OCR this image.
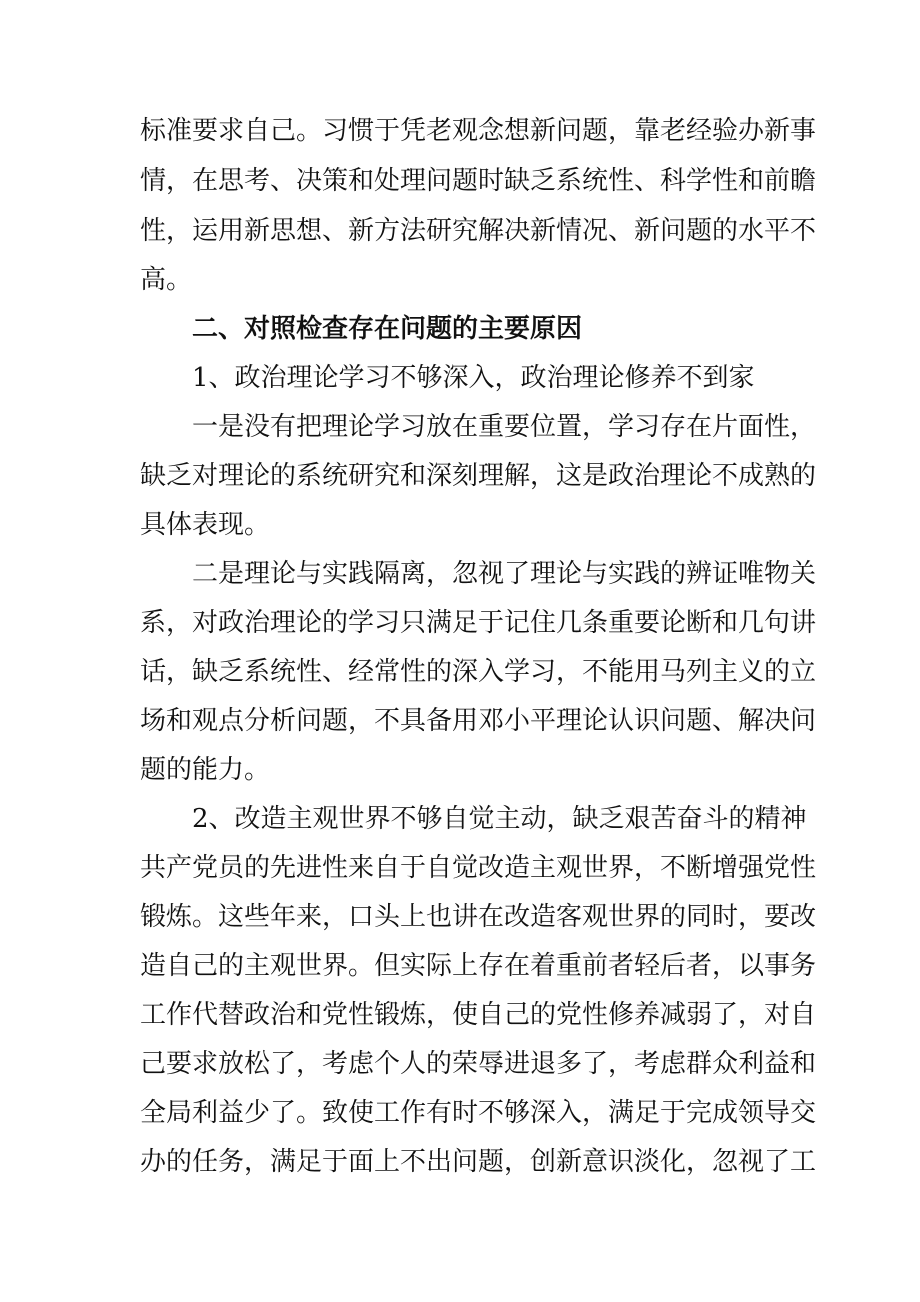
标准要求自己。习惯于凭老观念想新问题，靠老经验办新事
情，在思考、决策和处理问题时缺乏系统性、科学性和前瞻
性，运用新思想、新方法研究解决新情况、新问题的水平不
高。
二、对照检查存在问题的主要原因
1、政治理论学习不够深入，政治理论修养不到家
一是没有把理论学习放在重要位置，学习存在片面性，
缺乏对理论的系统研究和深刻理解，这是政治理论不成熟的
具体表现。
二是理论与实践隔离，忽视了理论与实践的辨证唯物关
系，对政治理论的学习只满足于记住几条重要论断和几句讲
话，缺乏系统性、经常性的深入学习，不能用马列主义的立
场和观点分析问题，不具备用邓小平理论认识问题、解决问
题的能力。
2、改造主观世界不够自觉主动，缺乏艰苦奋斗的精神
共产党员的先进性来自于自觉改造主观世界，不断增强党性
锻炼。这些年来，口头上也讲在改造客观世界的同时，要改
造自己的主观世界。但实际上存在着重前者轻后者，以事务
工作代替政治和党性锻炼，使自己的党性修养减弱了，对自
己要求放松了，考虑个人的荣辱进退多了，考虑群众利益和
全局利益少了。致使工作有时不够深入，满足于完成领导交
办的任务，满足于面上不出问题，创新意识淡化，忽视了工
